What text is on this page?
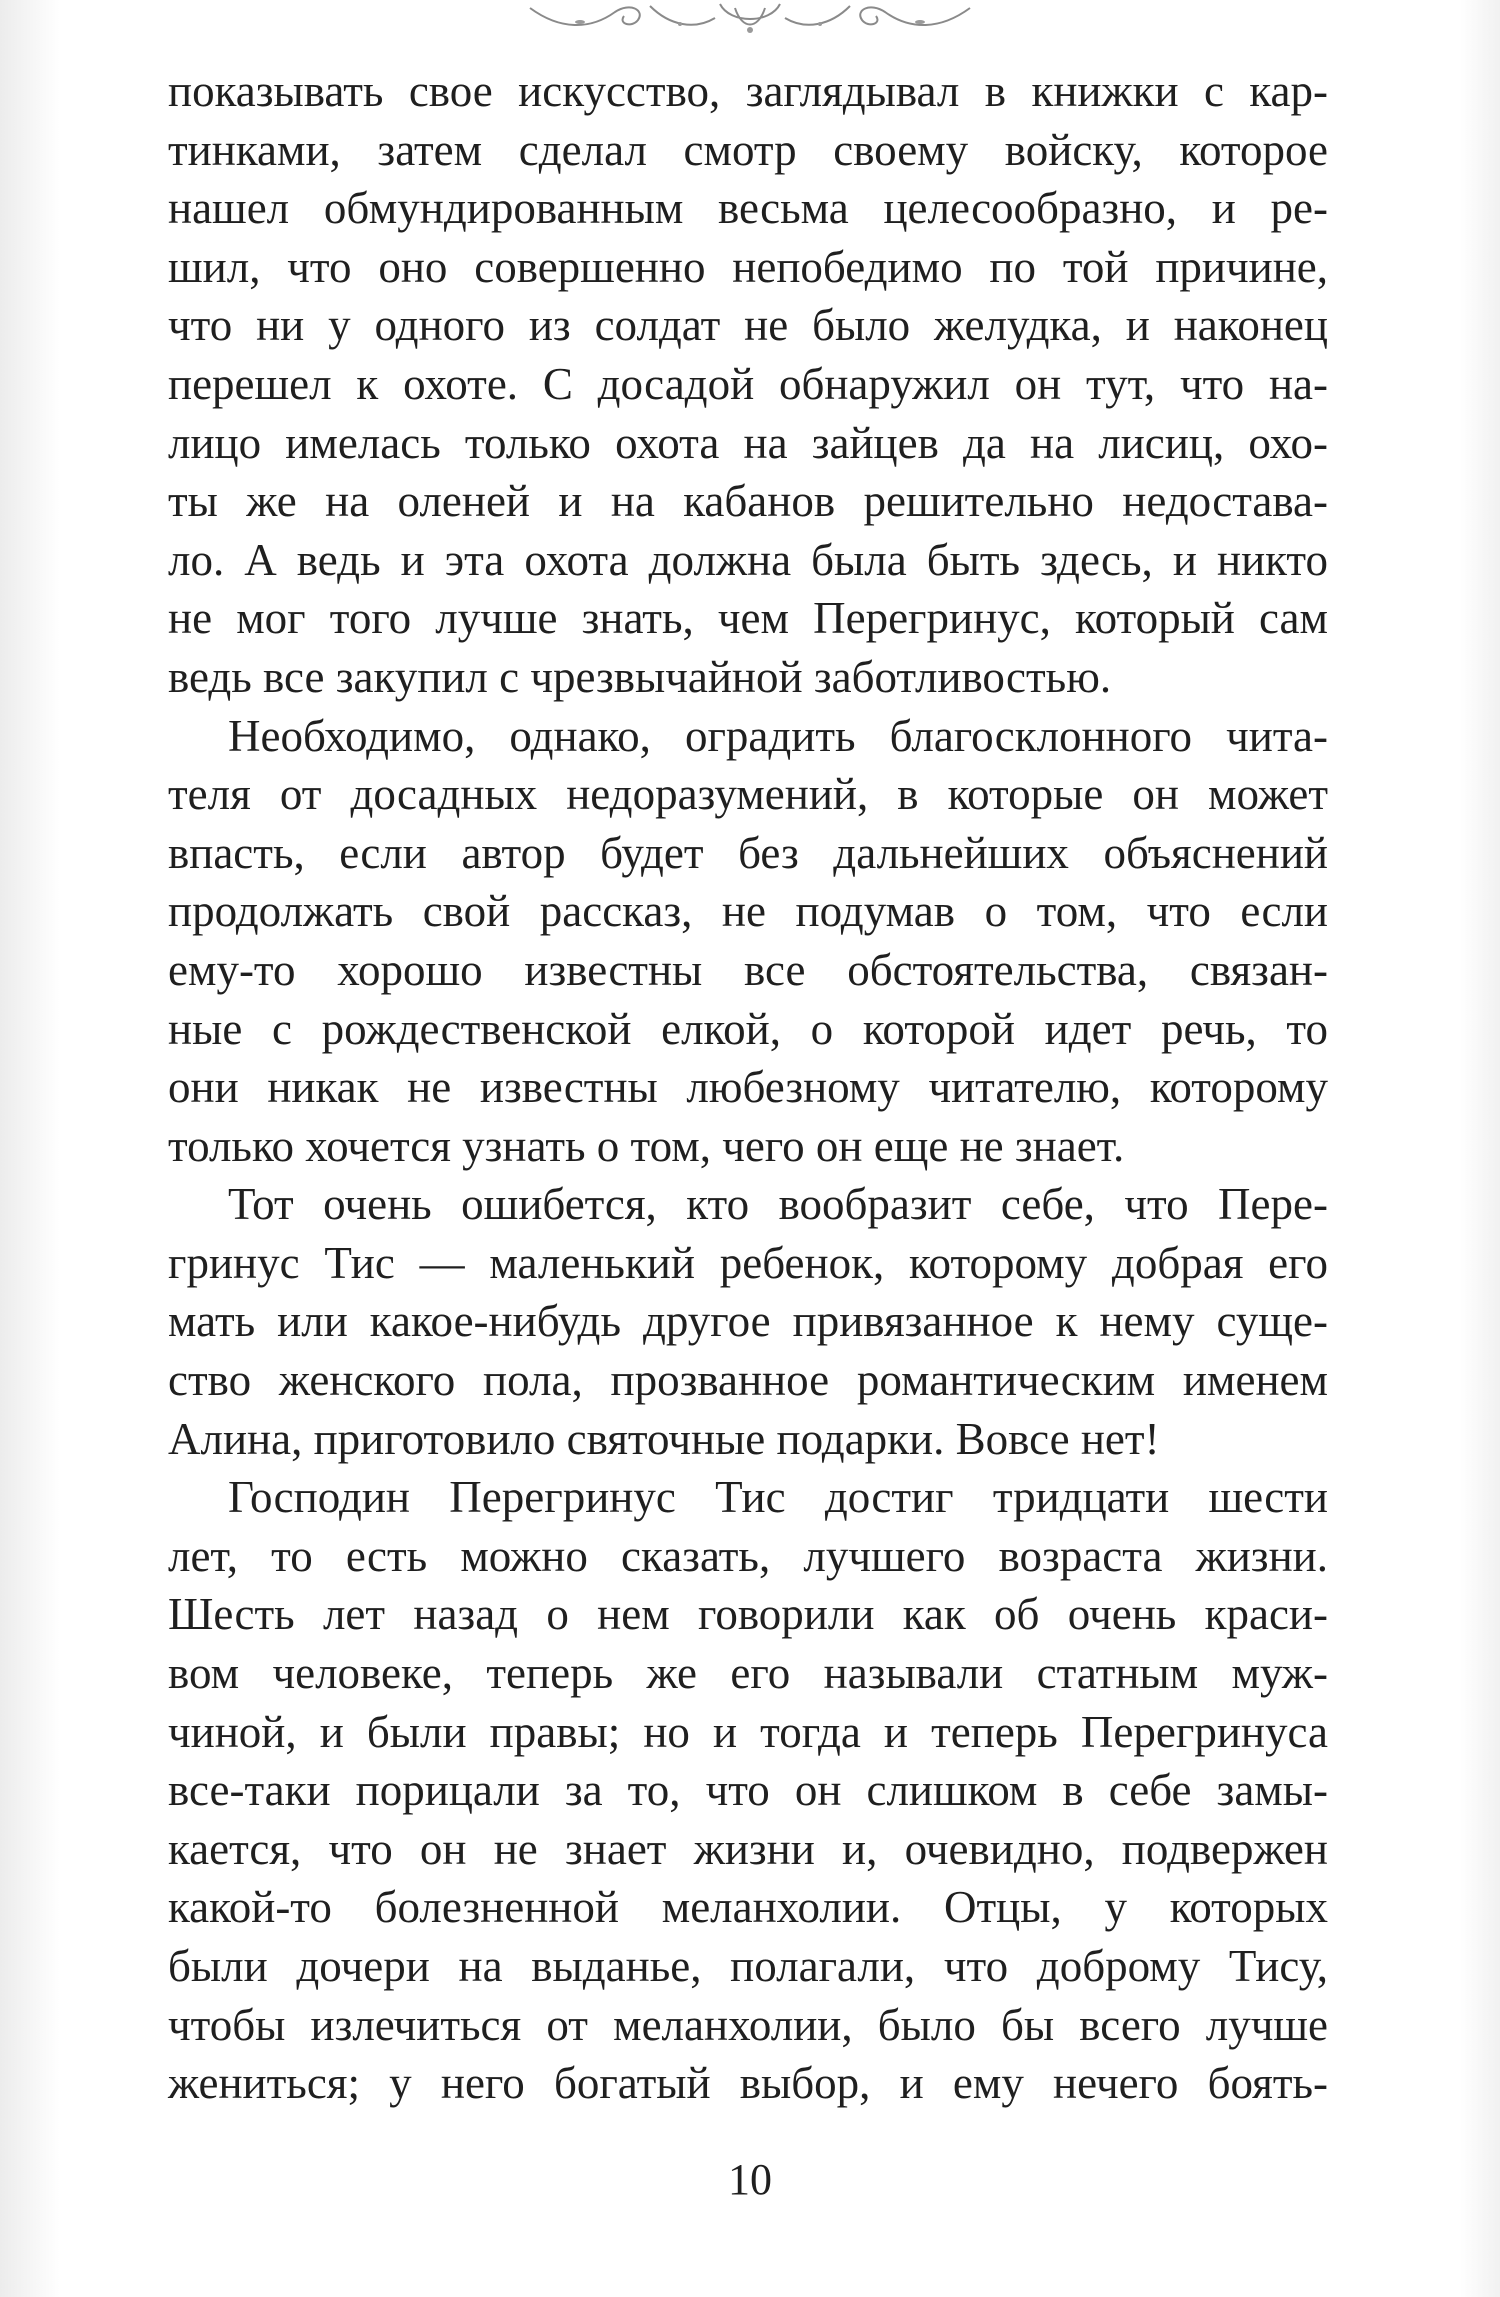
показывать свое искусство, заглядывал в книжки с кар-
тинками, затем сделал смотр своему войску, которое
нашел обмундированным весьма целесообразно, и ре-
шил, что оно совершенно непобедимо по той причине,
что ни у одного из солдат не было желудка, и наконец
перешел к охоте. С досадой обнаружил он тут, что на-
лицо имелась только охота на зайцев да на лисиц, охо-
ты же на оленей и на кабанов решительно недостава-
ло. А ведь и эта охота должна была быть здесь, и никто
не мог того лучше знать, чем Перегринус, который сам
ведь все закупил с чрезвычайной заботливостью.
Необходимо, однако, оградить благосклонного чита-
теля от досадных недоразумений, в которые он может
впасть, если автор будет без дальнейших объяснений
продолжать свой рассказ, не подумав о том, что если
ему-то хорошо известны все обстоятельства, связан-
ные с рождественской елкой, о которой идет речь, то
они никак не известны любезному читателю, которому
только хочется узнать о том, чего он еще не знает.
Тот очень ошибется, кто вообразит себе, что Пере-
гринус Тис — маленький ребенок, которому добрая его
мать или какое-нибудь другое привязанное к нему суще-
ство женского пола, прозванное романтическим именем
Алина, приготовило святочные подарки. Вовсе нет!
Господин Перегринус Тис достиг тридцати шести
лет, то есть можно сказать, лучшего возраста жизни.
Шесть лет назад о нем говорили как об очень краси-
вом человеке, теперь же его называли статным муж-
чиной, и были правы; но и тогда и теперь Перегринуса
все-таки порицали за то, что он слишком в себе замы-
кается, что он не знает жизни и, очевидно, подвержен
какой-то болезненной меланхолии. Отцы, у которых
были дочери на выданье, полагали, что доброму Тису,
чтобы излечиться от меланхолии, было бы всего лучше
жениться; у него богатый выбор, и ему нечего боять-
10
